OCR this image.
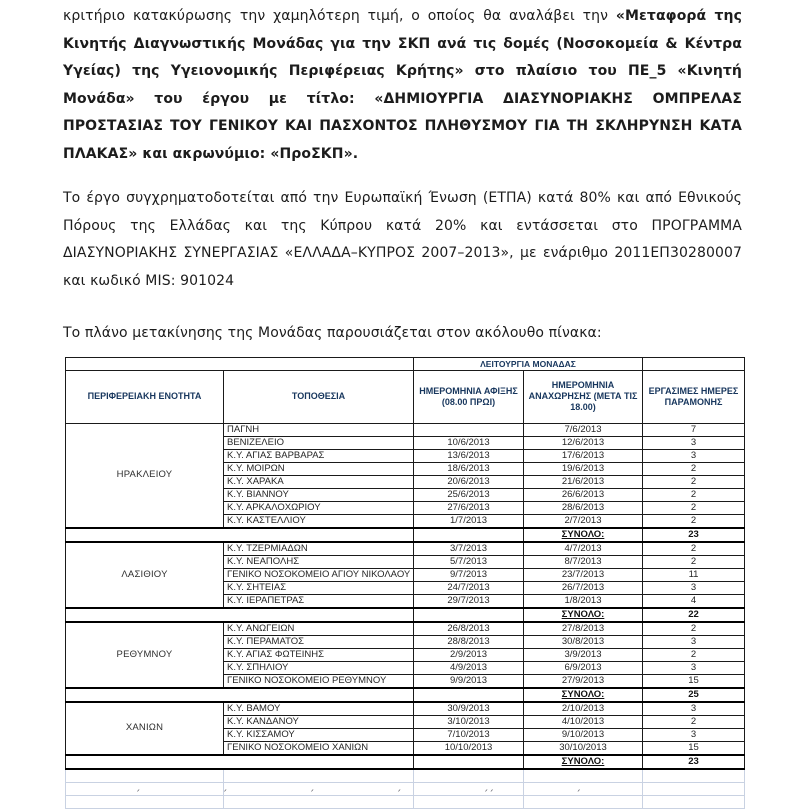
κριτήριο κατακύρωσης την χαμηλότερη τιμή, ο οποίος θα αναλάβει την «Μεταφορά της Κινητής Διαγνωστικής Μονάδας για την ΣΚΠ ανά τις δομές (Νοσοκομεία & Κέντρα Υγείας) της Υγειονομικής Περιφέρειας Κρήτης» στο πλαίσιο του ΠΕ_5 «Κινητή Μονάδα» του έργου με τίτλο: «ΔΗΜΙΟΥΡΓΙΑ ΔΙΑΣΥΝΟΡΙΑΚΗΣ ΟΜΠΡΕΛΑΣ ΠΡΟΣΤΑΣΙΑΣ ΤΟΥ ΓΕΝΙΚΟΥ ΚΑΙ ΠΑΣΧΟΝΤΟΣ ΠΛΗΘΥΣΜΟΥ ΓΙΑ ΤΗ ΣΚΛΗΡΥΝΣΗ ΚΑΤΑ ΠΛΑΚΑΣ» και ακρωνύμιο: «ΠροΣΚΠ».

Το έργο συγχρηματοδοτείται από την Ευρωπαϊκή Ένωση (ΕΤΠΑ) κατά 80% και από Εθνικούς Πόρους της Ελλάδας και της Κύπρου κατά 20% και εντάσσεται στο ΠΡΟΓΡΑΜΜΑ ΔΙΑΣΥΝΟΡΙΑΚΗΣ ΣΥΝΕΡΓΑΣΙΑΣ «ΕΛΛΑΔΑ–ΚΥΠΡΟΣ 2007–2013», με ενάριθμο 2011ΕΠ30280007 και κωδικό MIS: 901024

Το πλάνο μετακίνησης της Μονάδας παρουσιάζεται στον ακόλουθο πίνακα:

		ΛΕΙΤΟΥΡΓΙΑ ΜΟΝΑΔΑΣ		
ΠΕΡΙΦΕΡΕΙΑΚΗ ΕΝΟΤΗΤΑ	ΤΟΠΟΘΕΣΙΑ	ΗΜΕΡΟΜΗΝΙΑ ΑΦΙΞΗΣ (08.00 ΠΡΩΙ)	ΗΜΕΡΟΜΗΝΙΑ ΑΝΑΧΩΡΗΣΗΣ (ΜΕΤΑ ΤΙΣ 18.00)	ΕΡΓΑΣΙΜΕΣ ΗΜΕΡΕΣ ΠΑΡΑΜΟΝΗΣ
ΗΡΑΚΛΕΙΟΥ	ΠΑΓΝΗ		7/6/2013	7
	ΒΕΝΙΖΕΛΕΙΟ	10/6/2013	12/6/2013	3
	Κ.Υ. ΑΓΙΑΣ ΒΑΡΒΑΡΑΣ	13/6/2013	17/6/2013	3
	Κ.Υ. ΜΟΙΡΩΝ	18/6/2013	19/6/2013	2
	Κ.Υ. ΧΑΡΑΚΑ	20/6/2013	21/6/2013	2
	Κ.Υ. ΒΙΑΝΝΟΥ	25/6/2013	26/6/2013	2
	Κ.Υ. ΑΡΚΑΛΟΧΩΡΙΟΥ	27/6/2013	28/6/2013	2
	Κ.Υ. ΚΑΣΤΕΛΛΙΟΥ	1/7/2013	2/7/2013	2
			ΣΥΝΟΛΟ:	23
ΛΑΣΙΘΙΟΥ	Κ.Υ. ΤΖΕΡΜΙΑΔΩΝ	3/7/2013	4/7/2013	2
	Κ.Υ. ΝΕΑΠΟΛΗΣ	5/7/2013	8/7/2013	2
	ΓΕΝΙΚΟ ΝΟΣΟΚΟΜΕΙΟ ΑΓΙΟΥ ΝΙΚΟΛΑΟΥ	9/7/2013	23/7/2013	11
	Κ.Υ. ΣΗΤΕΙΑΣ	24/7/2013	26/7/2013	3
	Κ.Υ. ΙΕΡΑΠΕΤΡΑΣ	29/7/2013	1/8/2013	4
			ΣΥΝΟΛΟ:	22
ΡΕΘΥΜΝΟΥ	Κ.Υ. ΑΝΩΓΕΙΩΝ	26/8/2013	27/8/2013	2
	Κ.Υ. ΠΕΡΑΜΑΤΟΣ	28/8/2013	30/8/2013	3
	Κ.Υ. ΑΓΙΑΣ ΦΩΤΕΙΝΗΣ	2/9/2013	3/9/2013	2
	Κ.Υ. ΣΠΗΛΙΟΥ	4/9/2013	6/9/2013	3
	ΓΕΝΙΚΟ ΝΟΣΟΚΟΜΕΙΟ ΡΕΘΥΜΝΟΥ	9/9/2013	27/9/2013	15
			ΣΥΝΟΛΟ:	25
ΧΑΝΙΩΝ	Κ.Υ. ΒΑΜΟΥ	30/9/2013	2/10/2013	3
	Κ.Υ. ΚΑΝΔΑΝΟΥ	3/10/2013	4/10/2013	2
	Κ.Υ. ΚΙΣΣΑΜΟΥ	7/10/2013	9/10/2013	3
	ΓΕΝΙΚΟ ΝΟΣΟΚΟΜΕΙΟ ΧΑΝΙΩΝ	10/10/2013	30/10/2013	15
			ΣΥΝΟΛΟ:	23

΄ ΄ ΄ ΄ ΄΄ ΄
